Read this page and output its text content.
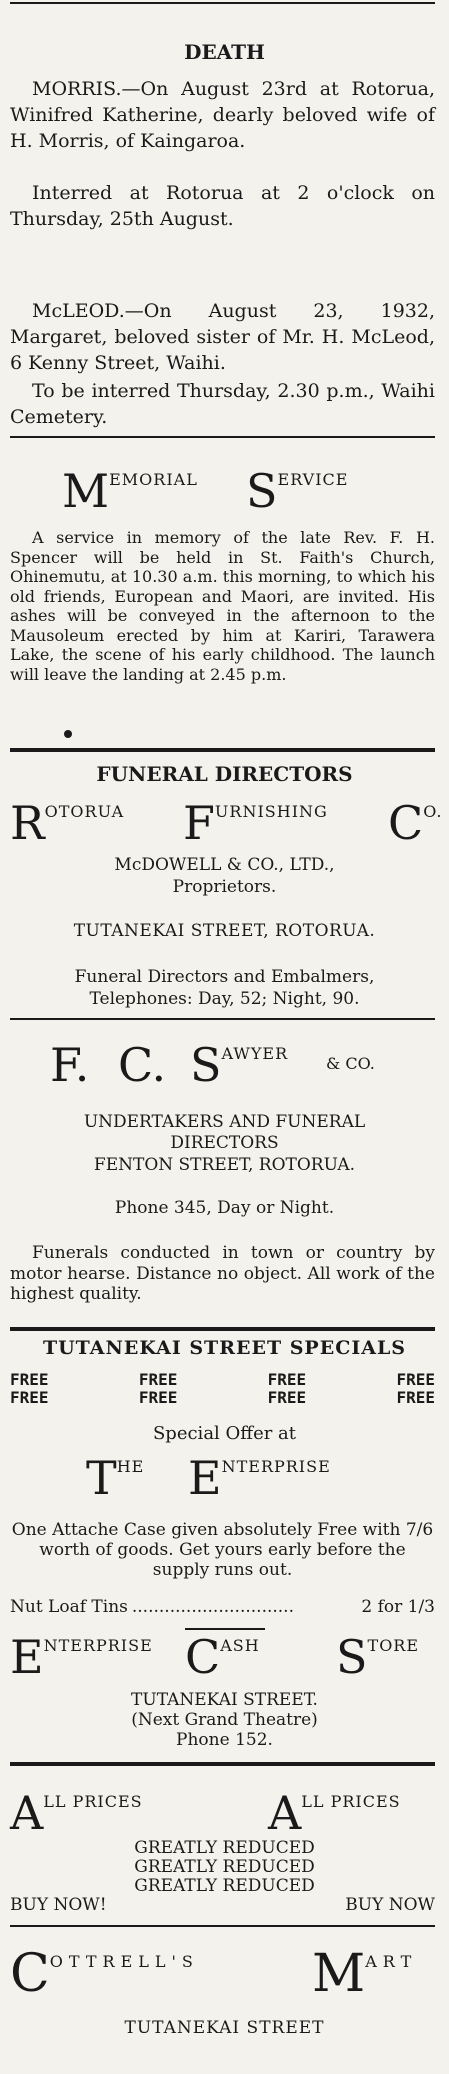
DEATH
MORRIS.—On August 23rd at Rotorua, Winifred Katherine, dearly beloved wife of H. Morris, of Kaingaroa.
Interred at Rotorua at 2 o'clock on Thursday, 25th August.
McLEOD.—On August 23, 1932, Margaret, beloved sister of Mr. H. McLeod, 6 Kenny Street, Waihi.
To be interred Thursday, 2.30 p.m., Waihi Cemetery.
MEMORIAL SERVICE
A service in memory of the late Rev. F. H. Spencer will be held in St. Faith's Church, Ohinemutu, at 10.30 a.m. this morning, to which his old friends, European and Maori, are invited. His ashes will be conveyed in the afternoon to the Mausoleum erected by him at Kariri, Tarawera Lake, the scene of his early childhood. The launch will leave the landing at 2.45 p.m.
FUNERAL DIRECTORS
ROTORUA FURNISHING CO.
McDOWELL & CO., LTD.,
Proprietors.
TUTANEKAI STREET, ROTORUA.
Funeral Directors and Embalmers,
Telephones: Day, 52; Night, 90.
F. C. SAWYER
& CO.
UNDERTAKERS AND FUNERAL
DIRECTORS
FENTON STREET, ROTORUA.
Phone 345, Day or Night.
Funerals conducted in town or country by motor hearse. Distance no object. All work of the highest quality.
TUTANEKAI STREET SPECIALS
FREE	FREE	FREE	FREE
FREE	FREE	FREE	FREE
Special Offer at
THE ENTERPRISE
One Attache Case given absolutely Free with 7/6 worth of goods. Get yours early before the supply runs out.
Nut Loaf Tins ..............................	2 for 1/3
ENTERPRISE CASH STORE
TUTANEKAI STREET.
(Next Grand Theatre)
Phone 152.
ALL PRICES	ALL PRICES
GREATLY REDUCED
GREATLY REDUCED
GREATLY REDUCED
BUY NOW!	BUY NOW
COTTRELL'S MART
TUTANEKAI STREET
